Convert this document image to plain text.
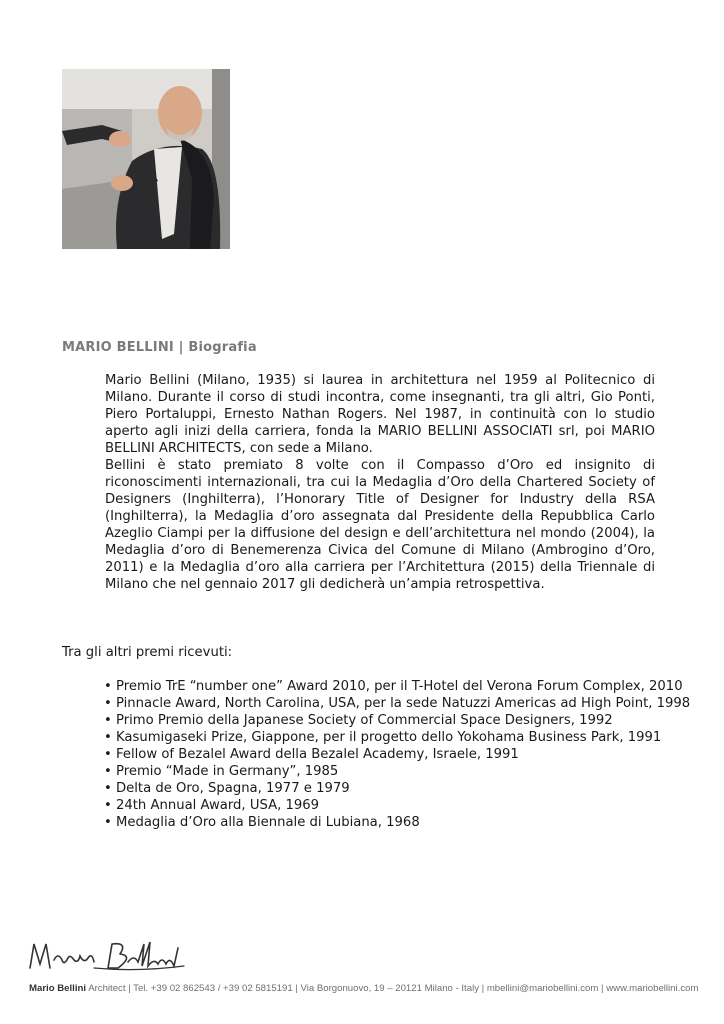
MARIO BELLINI | Biografia

Mario Bellini (Milano, 1935) si laurea in architettura nel 1959 al Politecnico di Milano. Durante il corso di studi incontra, come insegnanti, tra gli altri, Gio Ponti, Piero Portaluppi, Ernesto Nathan Rogers. Nel 1987, in continuità con lo studio aperto agli inizi della carriera, fonda la MARIO BELLINI ASSOCIATI srl, poi MARIO BELLINI ARCHITECTS, con sede a Milano.

Bellini è stato premiato 8 volte con il Compasso d’Oro ed insignito di riconoscimenti internazionali, tra cui la Medaglia d’Oro della Chartered Society of Designers (Inghilterra), l’Honorary Title of Designer for Industry della RSA (Inghilterra), la Medaglia d’oro assegnata dal Presidente della Repubblica Carlo Azeglio Ciampi per la diffusione del design e dell’architettura nel mondo (2004), la Medaglia d’oro di Benemerenza Civica del Comune di Milano (Ambrogino d’Oro, 2011) e la Medaglia d’oro alla carriera per l’Architettura (2015) della Triennale di Milano che nel gennaio 2017 gli dedicherà un’ampia retrospettiva.

Tra gli altri premi ricevuti:
• Premio TrE “number one” Award 2010, per il T-Hotel del Verona Forum Complex, 2010
• Pinnacle Award, North Carolina, USA, per la sede Natuzzi Americas ad High Point, 1998
• Primo Premio della Japanese Society of Commercial Space Designers, 1992
• Kasumigaseki Prize, Giappone, per il progetto dello Yokohama Business Park, 1991
• Fellow of Bezalel Award della Bezalel Academy, Israele, 1991
• Premio “Made in Germany”, 1985
• Delta de Oro, Spagna, 1977 e 1979
• 24th Annual Award, USA, 1969
• Medaglia d’Oro alla Biennale di Lubiana, 1968
Mario Bellini Architect | Tel. +39 02 862543 / +39 02 5815191 | Via Borgonuovo, 19 – 20121 Milano - Italy | mbellini@mariobellini.com | www.mariobellini.com
